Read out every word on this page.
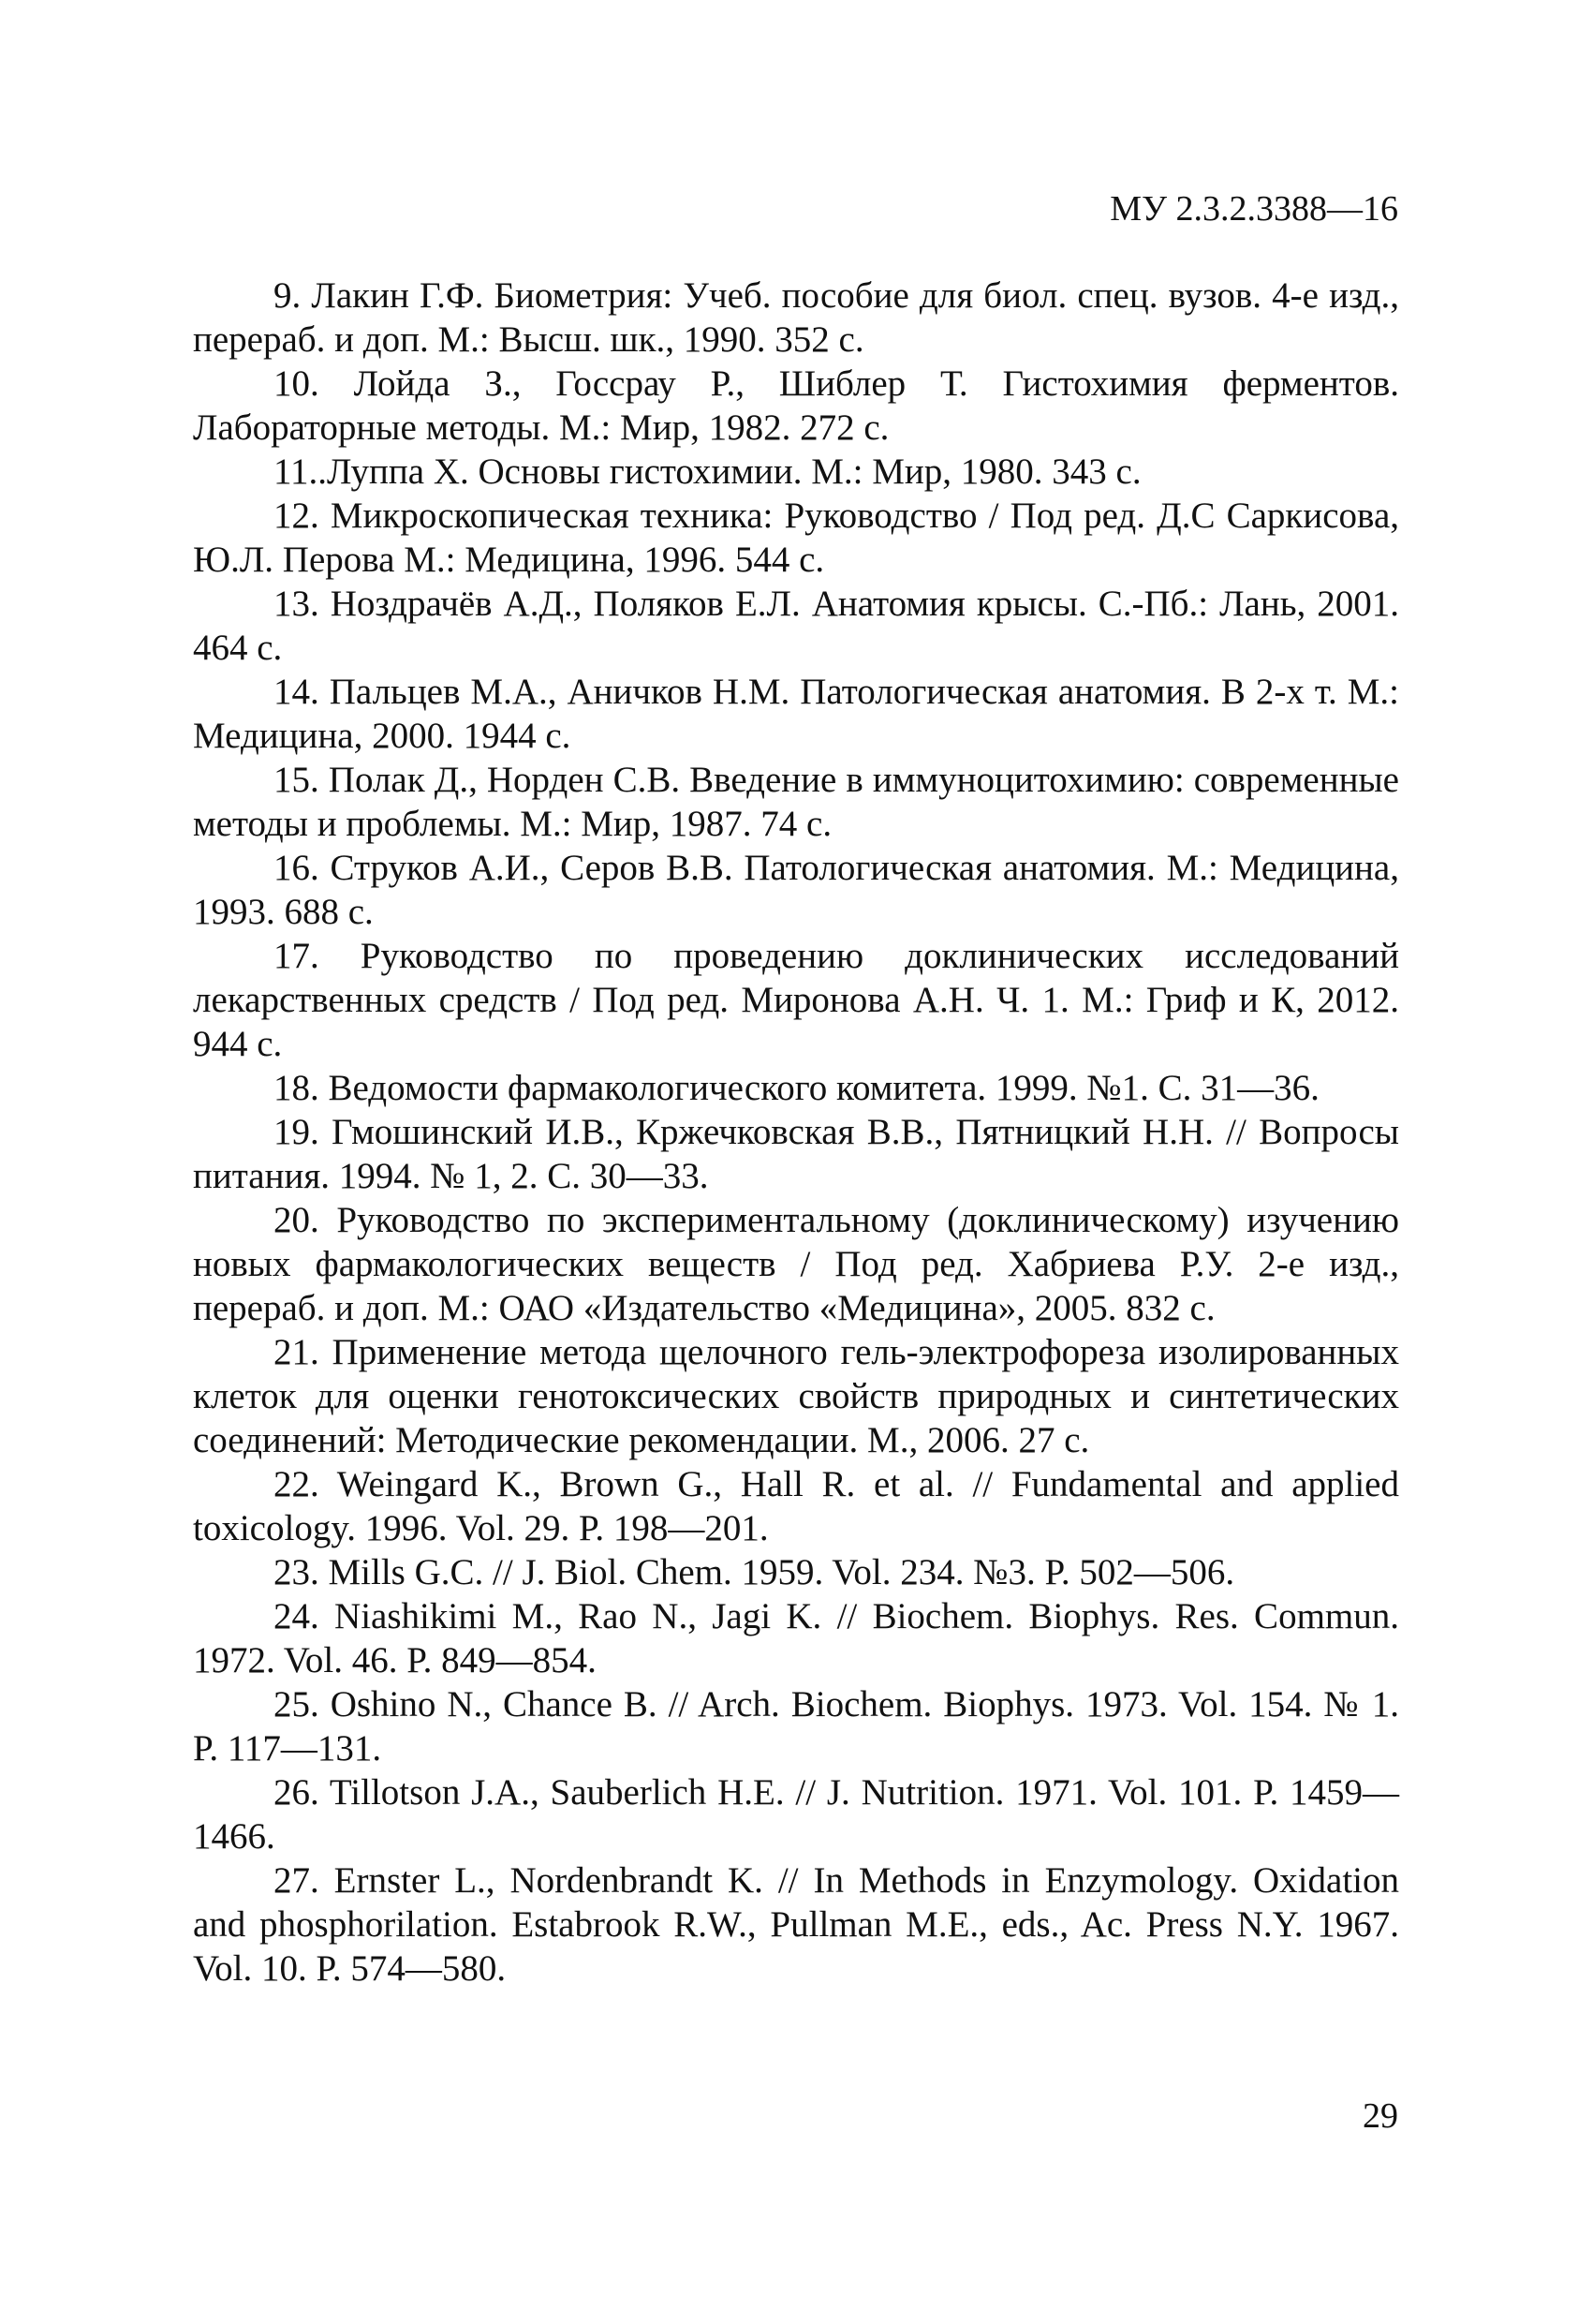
МУ 2.3.2.3388—16
9. Лакин Г.Ф. Биометрия: Учеб. пособие для биол. спец. вузов. 4-е изд., перераб. и доп. М.: Высш. шк., 1990. 352 с.
10. Лойда З., Госсрау Р., Шиблер Т. Гистохимия ферментов. Лабораторные методы. М.: Мир, 1982. 272 с.
11..Луппа Х. Основы гистохимии. М.: Мир, 1980. 343 с.
12. Микроскопическая техника: Руководство / Под ред. Д.С Саркисова, Ю.Л. Перова М.: Медицина, 1996. 544 с.
13. Ноздрачёв А.Д., Поляков Е.Л. Анатомия крысы. С.-Пб.: Лань, 2001. 464 с.
14. Пальцев М.А., Аничков Н.М. Патологическая анатомия. В 2-х т. М.: Медицина, 2000. 1944 с.
15. Полак Д., Норден С.В. Введение в иммуноцитохимию: современные методы и проблемы. М.: Мир, 1987. 74 с.
16. Струков А.И., Серов В.В. Патологическая анатомия. М.: Медицина, 1993. 688 с.
17. Руководство по проведению доклинических исследований лекарственных средств / Под ред. Миронова А.Н. Ч. 1. М.: Гриф и К, 2012. 944 с.
18. Ведомости фармакологического комитета. 1999. №1. С. 31—36.
19. Гмошинский И.В., Кржечковская В.В., Пятницкий Н.Н. // Вопросы питания. 1994. № 1, 2. С. 30—33.
20. Руководство по экспериментальному (доклиническому) изучению новых фармакологических веществ / Под ред. Хабриева Р.У. 2-е изд., перераб. и доп. М.: ОАО «Издательство «Медицина», 2005. 832 с.
21. Применение метода щелочного гель-электрофореза изолированных клеток для оценки генотоксических свойств природных и синтетических соединений: Методические рекомендации. М., 2006. 27 с.
22. Weingard K., Brown G., Hall R. et al. // Fundamental and applied toxicology. 1996. Vol. 29. P. 198—201.
23. Mills G.C. // J. Biol. Chem. 1959. Vol. 234. №3. P. 502—506.
24. Niashikimi M., Rao N., Jagi K. // Biochem. Biophys. Res. Commun. 1972. Vol. 46. P. 849—854.
25. Oshino N., Chance B. // Arch. Biochem. Biophys. 1973. Vol. 154. № 1. P. 117—131.
26. Tillotson J.A., Sauberlich H.E. // J. Nutrition. 1971. Vol. 101. P. 1459—1466.
27. Ernster L., Nordenbrandt K. // In Methods in Enzymology. Oxidation and phosphorilation. Estabrook R.W., Pullman M.E., eds., Ac. Press N.Y. 1967. Vol. 10. P. 574—580.
29
